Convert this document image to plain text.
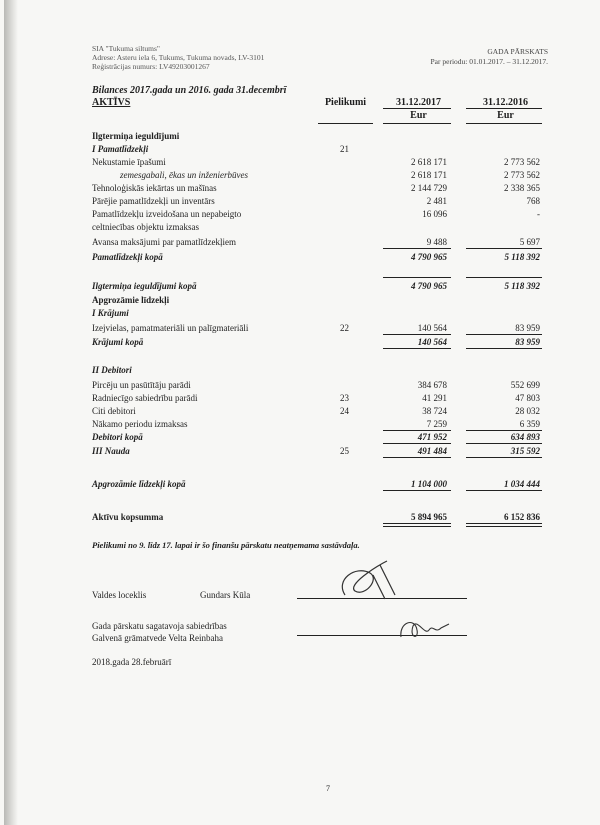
SIA "Tukuma siltums"
Adrese: Asteru iela 6, Tukums, Tukuma novads, LV-3101
Reģistrācijas numurs: LV49203001267
GADA PĀRSKATS
Par periodu: 01.01.2017. – 31.12.2017.
Bilances 2017.gada un 2016. gada 31.decembrī
AKTĪVS	Pielikumi	31.12.2017	31.12.2016
Eur	Eur
Ilgtermiņa ieguldījumi
I Pamatlīdzekļi	21
Nekustamie īpašumi	2 618 171	2 773 562
zemesgabali, ēkas un inženierbūves	2 618 171	2 773 562
Tehnoloģiskās iekārtas un mašīnas	2 144 729	2 338 365
Pārējie pamatlīdzekļi un inventārs	2 481	768
Pamatlīdzekļu izveidošana un nepabeigto	16 096	-
celtniecības objektu izmaksas
Avansa maksājumi par pamatlīdzekļiem	9 488	5 697
Pamatlīdzekļi kopā	4 790 965	5 118 392
Ilgtermiņa ieguldījumi kopā	4 790 965	5 118 392
Apgrozāmie līdzekļi
I Krājumi
Izejvielas, pamatmateriāli un palīgmateriāli	22	140 564	83 959
Krājumi kopā	140 564	83 959
II Debitori
Pircēju un pasūtītāju parādi	384 678	552 699
Radniecīgo sabiedrību parādi	23	41 291	47 803
Citi debitori	24	38 724	28 032
Nākamo periodu izmaksas	7 259	6 359
Debitori kopā	471 952	634 893
III Nauda	25	491 484	315 592
Apgrozāmie līdzekļi kopā	1 104 000	1 034 444
Aktīvu kopsumma	5 894 965	6 152 836
Pielikumi no 9. līdz 17. lapai ir šo finanšu pārskatu neatņemama sastāvdaļa.
Valdes loceklis	Gundars Kūla
Gada pārskatu sagatavoja sabiedrības
Galvenā grāmatvede Velta Reinbaha
2018.gada 28.februārī
7
